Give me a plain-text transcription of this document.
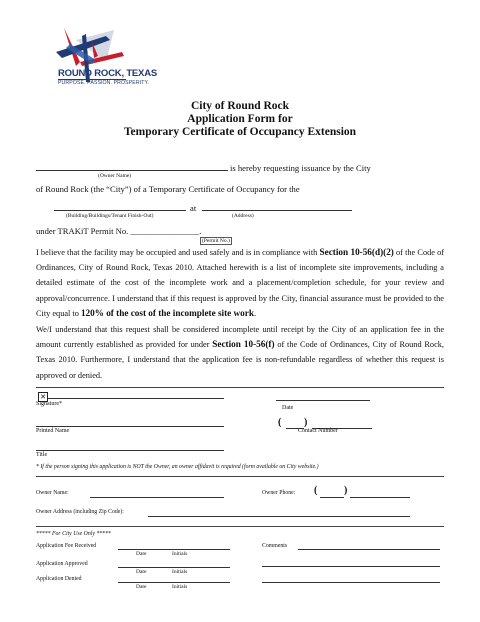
ROUND ROCK, TEXAS
PURPOSE. PASSION. PROSPERITY.
City of Round Rock
Application Form for
Temporary Certificate of Occupancy Extension
is hereby requesting issuance by the City
(Owner Name)
of Round Rock (the “City”) of a Temporary Certificate of Occupancy for the
at
(Building/Buildings/Tenant Finish-Out)	(Address)
under TRAKiT Permit No. ________________.
(Permit No.)
I believe that the facility may be occupied and used safely and is in compliance with Section 10-56(d)(2) of the Code of Ordinances, City of Round Rock, Texas 2010. Attached herewith is a list of incomplete site improvements, including a detailed estimate of the cost of the incomplete work and a placement/completion schedule, for your review and approval/concurrence. I understand that if this request is approved by the City, financial assurance must be provided to the City equal to 120% of the cost of the incomplete site work.
We/I understand that this request shall be considered incomplete until receipt by the City of an application fee in the amount currently established as provided for under Section 10-56(f) of the Code of Ordinances, City of Round Rock, Texas 2010. Furthermore, I understand that the application fee is non-refundable regardless of whether this request is approved or denied.
✕
Signature*
Date
Printed Name
( )
Contact Number
Title
* If the person signing this application is NOT the Owner, an owner affidavit is required (form available on City website.)
Owner Name:	Owner Phone: (	)
Owner Address (including Zip Code):
***** For City Use Only *****
Application Fee Received
Date	Initials
Application Approved
Date	Initials
Application Denied
Date	Initials
Comments
